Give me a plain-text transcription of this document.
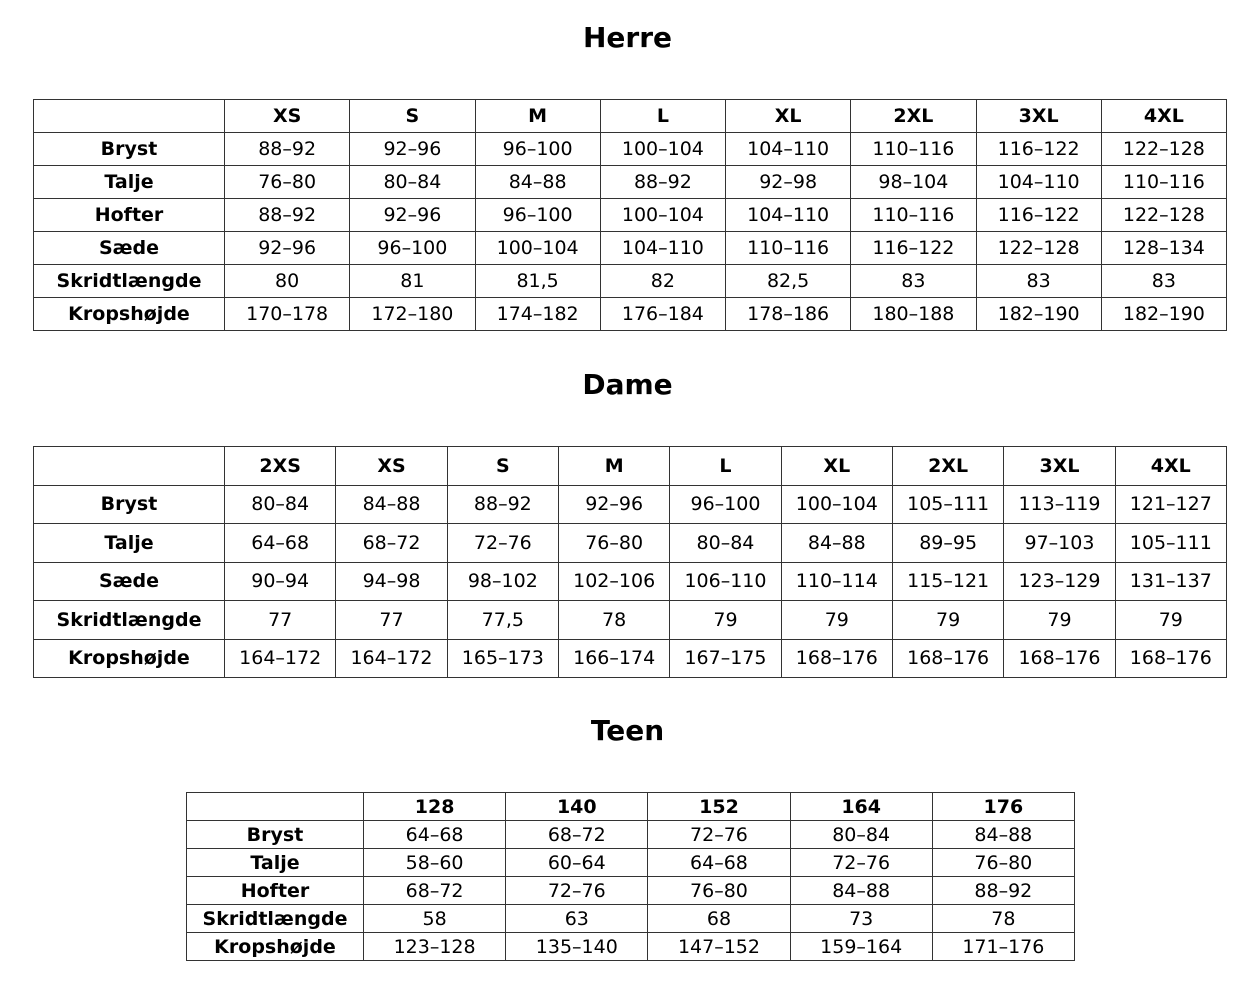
Herre
	XS	S	M	L	XL	2XL	3XL	4XL
Bryst	88–92	92–96	96–100	100–104	104–110	110–116	116–122	122–128
Talje	76–80	80–84	84–88	88–92	92–98	98–104	104–110	110–116
Hofter	88–92	92–96	96–100	100–104	104–110	110–116	116–122	122–128
Sæde	92–96	96–100	100–104	104–110	110–116	116–122	122–128	128–134
Skridtlængde	80	81	81,5	82	82,5	83	83	83
Kropshøjde	170–178	172–180	174–182	176–184	178–186	180–188	182–190	182–190
Dame
	2XS	XS	S	M	L	XL	2XL	3XL	4XL
Bryst	80–84	84–88	88–92	92–96	96–100	100–104	105–111	113–119	121–127
Talje	64–68	68–72	72–76	76–80	80–84	84–88	89–95	97–103	105–111
Sæde	90–94	94–98	98–102	102–106	106–110	110–114	115–121	123–129	131–137
Skridtlængde	77	77	77,5	78	79	79	79	79	79
Kropshøjde	164–172	164–172	165–173	166–174	167–175	168–176	168–176	168–176	168–176
Teen
	128	140	152	164	176
Bryst	64–68	68–72	72–76	80–84	84–88
Talje	58–60	60–64	64–68	72–76	76–80
Hofter	68–72	72–76	76–80	84–88	88–92
Skridtlængde	58	63	68	73	78
Kropshøjde	123–128	135–140	147–152	159–164	171–176
